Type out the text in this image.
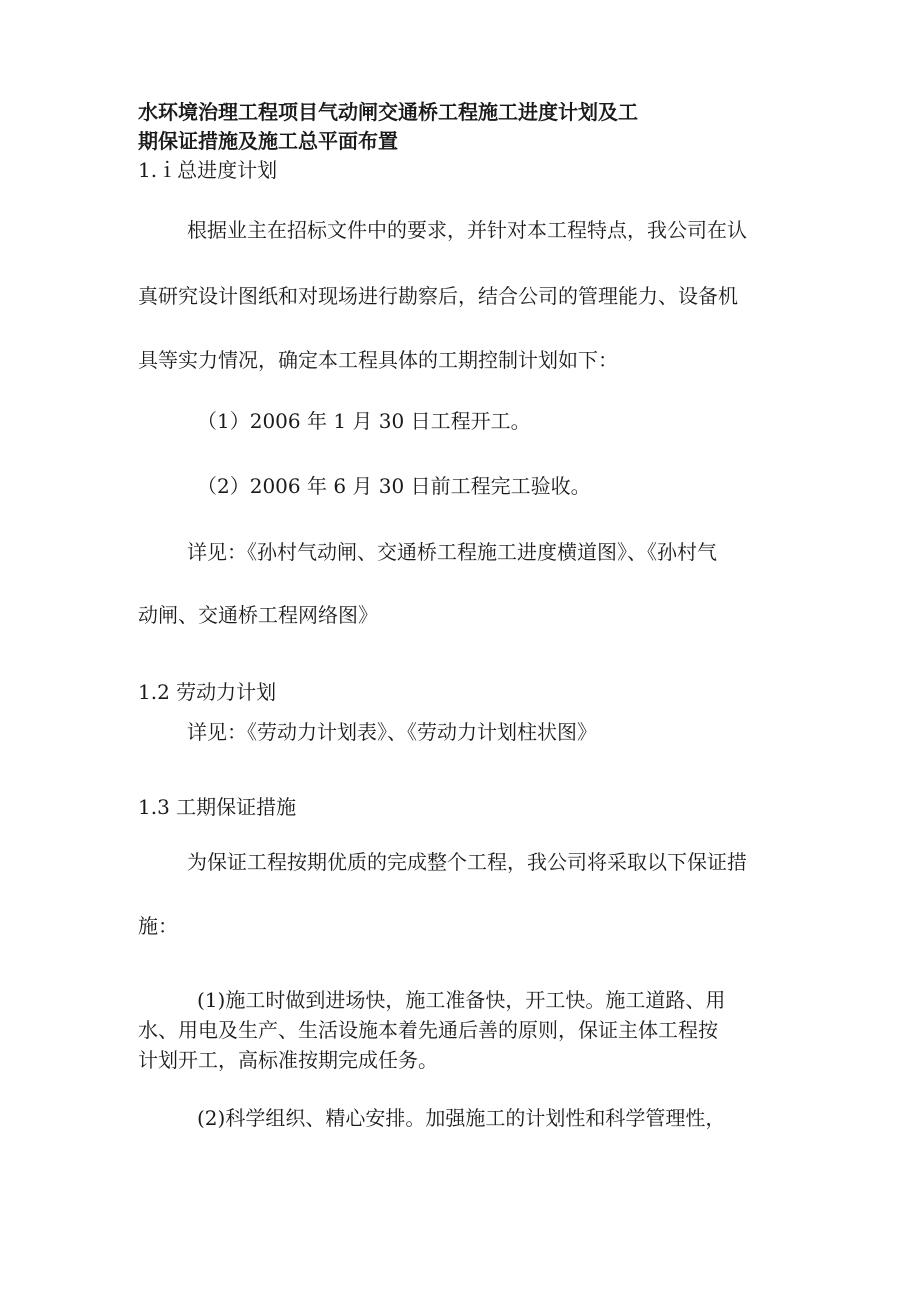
水环境治理工程项目气动闸交通桥工程施工进度计划及工
期保证措施及施工总平面布置
1.ｉ总进度计划
根据业主在招标文件中的要求，并针对本工程特点，我公司在认
真研究设计图纸和对现场进行勘察后，结合公司的管理能力、设备机
具等实力情况，确定本工程具体的工期控制计划如下：
（1）2006 年 1 月 30 日工程开工。
（2）2006 年 6 月 30 日前工程完工验收。
详见：《孙村气动闸、交通桥工程施工进度横道图》、《孙村气
动闸、交通桥工程网络图》
1.2 劳动力计划
详见：《劳动力计划表》、《劳动力计划柱状图》
1.3 工期保证措施
为保证工程按期优质的完成整个工程，我公司将采取以下保证措
施：
(1)施工时做到进场快，施工准备快，开工快。施工道路、用
水、用电及生产、生活设施本着先通后善的原则，保证主体工程按
计划开工，高标准按期完成任务。
(2)科学组织、精心安排。加强施工的计划性和科学管理性，
